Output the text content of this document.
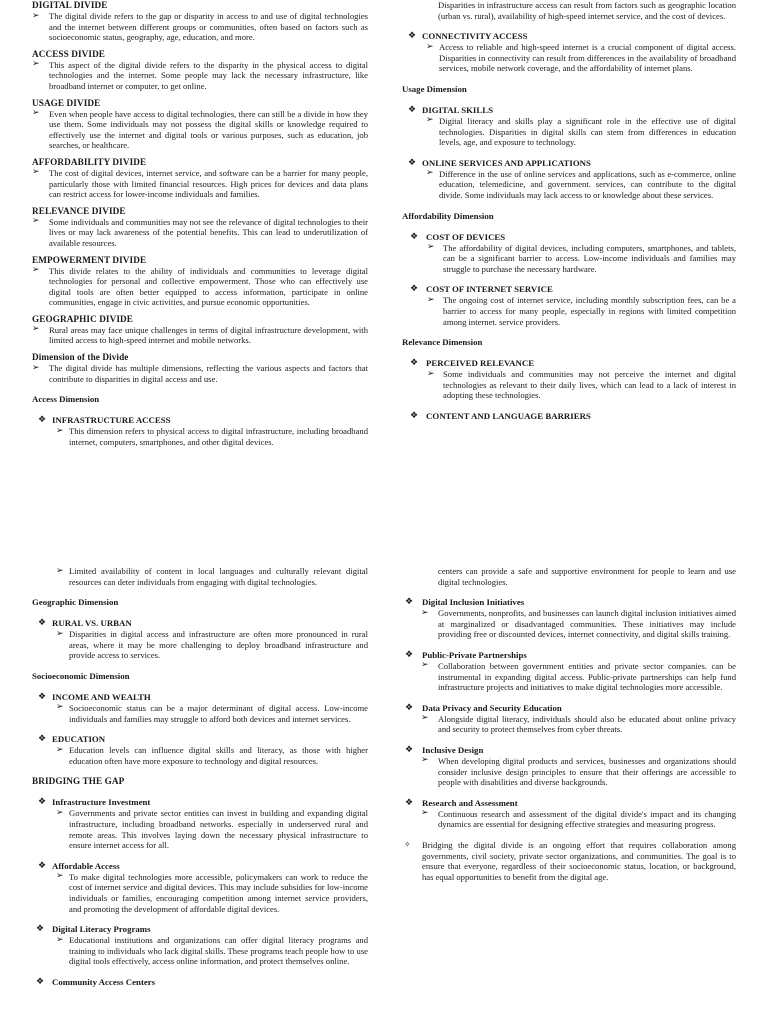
DIGITAL DIVIDE

➢ The digital divide refers to the gap or disparity in access to and use of digital technologies and the internet between different groups or communities, often based on factors such as socioeconomic status, geography, age, education, and more.

ACCESS DIVIDE

➢ This aspect of the digital divide refers to the disparity in the physical access to digital technologies and the internet. Some people may lack the necessary infrastructure, like broadband internet or computer, to get online.

USAGE DIVIDE

➢ Even when people have access to digital technologies, there can still be a divide in how they use them. Some individuals may not possess the digital skills or knowledge required to effectively use the internet and digital tools or various purposes, such as education, job searches, or healthcare.

AFFORDABILITY DIVIDE

➢ The cost of digital devices, internet service, and software can be a barrier for many people, particularly those with limited financial resources. High prices for devices and data plans can restrict access for lower-income individuals and families.

RELEVANCE DIVIDE

➢ Some individuals and communities may not see the relevance of digital technologies to their lives or may lack awareness of the potential benefits. This can lead to underutilization of available resources.

EMPOWERMENT DIVIDE

➢ This divide relates to the ability of individuals and communities to leverage digital technologies for personal and collective empowerment. Those who can effectively use digital tools are often better equipped to access information, participate in online communities, engage in civic activities, and pursue economic opportunities.

GEOGRAPHIC DIVIDE

➢ Rural areas may face unique challenges in terms of digital infrastructure development, with limited access to high-speed internet and mobile networks.

Dimension of the Divide

➢ The digital divide has multiple dimensions, reflecting the various aspects and factors that contribute to disparities in digital access and use.

Access Dimension

❖ INFRASTRUCTURE ACCESS
➢ This dimension refers to physical access to digital infrastructure, including broadband internet, computers, smartphones, and other digital devices.

Disparities in infrastructure access can result from factors such as geographic location (urban vs. rural), availability of high-speed internet service, and the cost of devices.

❖ CONNECTIVITY ACCESS
➢ Access to reliable and high-speed internet is a crucial component of digital access. Disparities in connectivity can result from differences in the availability of broadband services, mobile network coverage, and the affordability of internet plans.

Usage Dimension

❖ DIGITAL SKILLS
➢ Digital literacy and skills play a significant role in the effective use of digital technologies. Disparities in digital skills can stem from differences in education levels, age, and exposure to technology.
❖ ONLINE SERVICES AND APPLICATIONS
➢ Difference in the use of online services and applications, such as e-commerce, online education, telemedicine, and government. services, can contribute to the digital divide. Some individuals may lack access to or knowledge about these services.

Affordability Dimension

❖ COST OF DEVICES
➢ The affordability of digital devices, including computers, smartphones, and tablets, can be a significant barrier to access. Low-income individuals and families may struggle to purchase the necessary hardware.
❖ COST OF INTERNET SERVICE
➢ The ongoing cost of internet service, including monthly subscription fees, can be a barrier to access for many people, especially in regions with limited competition among internet. service providers.

Relevance Dimension

❖ PERCEIVED RELEVANCE
➢ Some individuals and communities may not perceive the internet and digital technologies as relevant to their daily lives, which can lead to a lack of interest in adopting these technologies.
❖ CONTENT AND LANGUAGE BARRIERS
➢ Limited availability of content in local languages and culturally relevant digital resources can deter individuals from engaging with digital technologies.

Geographic Dimension

❖ RURAL VS. URBAN
➢ Disparities in digital access and infrastructure are often more pronounced in rural areas, where it may be more challenging to deploy broadband infrastructure and provide access to services.

Socioeconomic Dimension

❖ INCOME AND WEALTH
➢ Socioeconomic status can be a major determinant of digital access. Low-income individuals and families may struggle to afford both devices and internet services.
❖ EDUCATION
➢ Education levels can influence digital skills and literacy, as those with higher education often have more exposure to technology and digital resources.

BRIDGING THE GAP

❖ Infrastructure Investment
➢ Governments and private sector entities can invest in building and expanding digital infrastructure, including broadband networks. especially in underserved rural and remote areas. This involves laying down the necessary physical infrastructure to ensure internet access for all.
❖ Affordable Access
➢ To make digital technologies more accessible, policymakers can work to reduce the cost of internet service and digital devices. This may include subsidies for low-income individuals or families, encouraging competition among internet service providers, and promoting the development of affordable digital devices.
❖ Digital Literacy Programs
➢ Educational institutions and organizations can offer digital literacy programs and training to individuals who lack digital skills. These programs teach people how to use digital tools effectively, access online information, and protect themselves online.
❖ Community Access Centers

centers can provide a safe and supportive environment for people to learn and use digital technologies.

❖ Digital Inclusion Initiatives
➢ Governments, nonprofits, and businesses can launch digital inclusion initiatives aimed at marginalized or disadvantaged communities. These initiatives may include providing free or discounted devices, internet connectivity, and digital skills training.
❖ Public-Private Partnerships
➢ Collaboration between government entities and private sector companies. can be instrumental in expanding digital access. Public-private partnerships can help fund infrastructure projects and initiatives to make digital technologies more accessible.
❖ Data Privacy and Security Education
➢ Alongside digital literacy, individuals should also be educated about online privacy and security to protect themselves from cyber threats.
❖ Inclusive Design
➢ When developing digital products and services, businesses and organizations should consider inclusive design principles to ensure that their offerings are accessible to people with disabilities and diverse backgrounds.
❖ Research and Assessment
➢ Continuous research and assessment of the digital divide's impact and its changing dynamics are essential for designing effective strategies and measuring progress.
✧ Bridging the digital divide is an ongoing effort that requires collaboration among governments, civil society, private sector organizations, and communities. The goal is to ensure that everyone, regardless of their socioeconomic status, location, or background, has equal opportunities to benefit from the digital age.
